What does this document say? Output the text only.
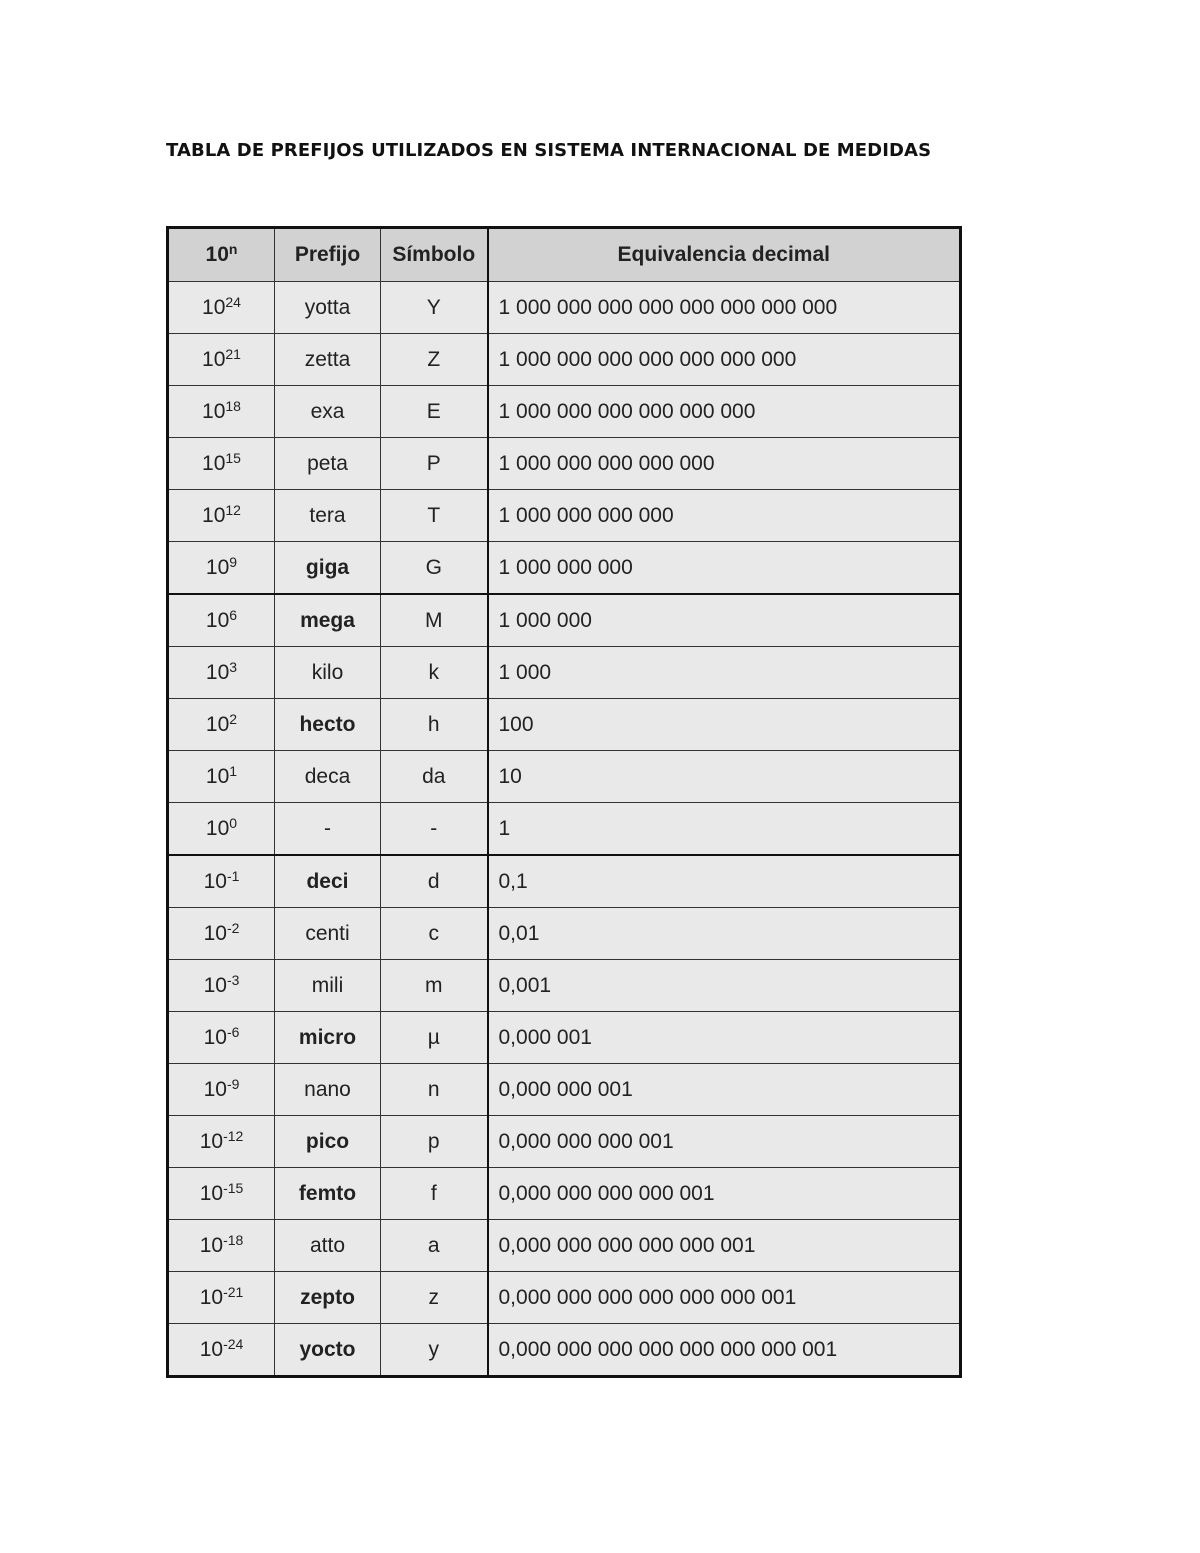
TABLA DE PREFIJOS UTILIZADOS EN SISTEMA INTERNACIONAL DE MEDIDAS
10$^n$	Prefijo	Símbolo	Equivalencia decimal
$10^{24}$	yotta	Y	1 000 000 000 000 000 000 000 000
$10^{21}$	zetta	Z	1 000 000 000 000 000 000 000
$10^{18}$	exa	E	1 000 000 000 000 000 000
$10^{15}$	peta	P	1 000 000 000 000 000
$10^{12}$	tera	T	1 000 000 000 000
$10^9$	giga	G	1 000 000 000
$10^6$	mega	M	1 000 000
$10^3$	kilo	k	1 000
$10^2$	hecto	h	100
$10^1$	deca	da	10
$10^0$	-	-	1
$10^{-1}$	deci	d	0,1
$10^{-2}$	centi	c	0,01
$10^{-3}$	mili	m	0,001
$10^{-6}$	micro	µ	0,000 001
$10^{-9}$	nano	n	0,000 000 001
$10^{-12}$	pico	p	0,000 000 000 001
$10^{-15}$	femto	f	0,000 000 000 000 001
$10^{-18}$	atto	a	0,000 000 000 000 000 001
$10^{-21}$	zepto	z	0,000 000 000 000 000 000 001
$10^{-24}$	yocto	y	0,000 000 000 000 000 000 000 001
